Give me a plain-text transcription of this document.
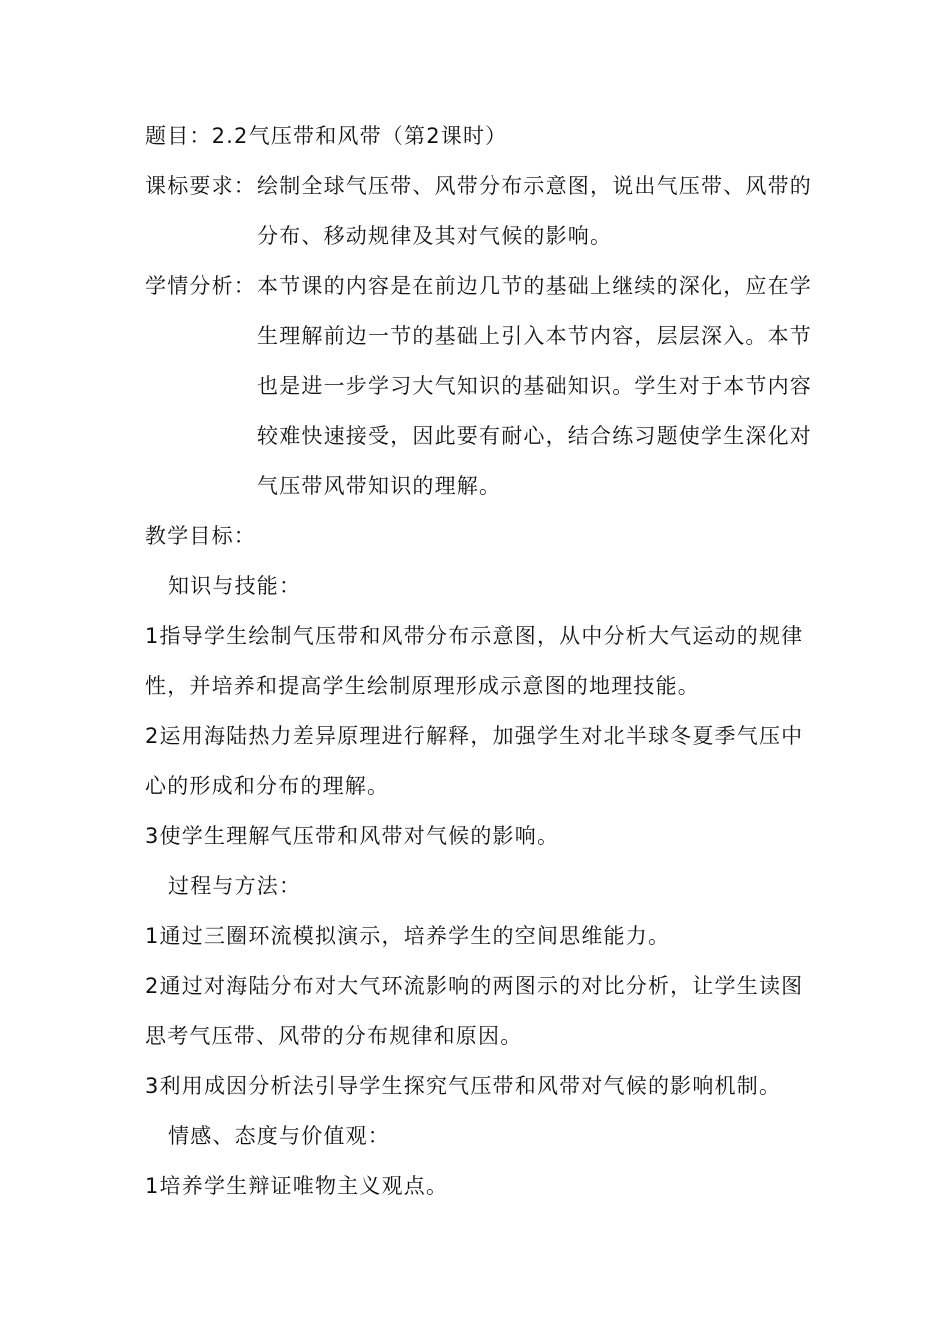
题目：2.2气压带和风带（第2课时）
课标要求： 绘制全球气压带、风带分布示意图，说出气压带、风带的
分布、移动规律及其对气候的影响。
学情分析： 本节课的内容是在前边几节的基础上继续的深化，应在学
生理解前边一节的基础上引入本节内容，层层深入。本节
也是进一步学习大气知识的基础知识。学生对于本节内容
较难快速接受，因此要有耐心，结合练习题使学生深化对
气压带风带知识的理解。
教学目标：
知识与技能：
1指导学生绘制气压带和风带分布示意图，从中分析大气运动的规律
性，并培养和提高学生绘制原理形成示意图的地理技能。
2运用海陆热力差异原理进行解释，加强学生对北半球冬夏季气压中
心的形成和分布的理解。
3使学生理解气压带和风带对气候的影响。
过程与方法：
1通过三圈环流模拟演示，培养学生的空间思维能力。
2通过对海陆分布对大气环流影响的两图示的对比分析，让学生读图
思考气压带、风带的分布规律和原因。
3利用成因分析法引导学生探究气压带和风带对气候的影响机制。
情感、态度与价值观：
1培养学生辩证唯物主义观点。
